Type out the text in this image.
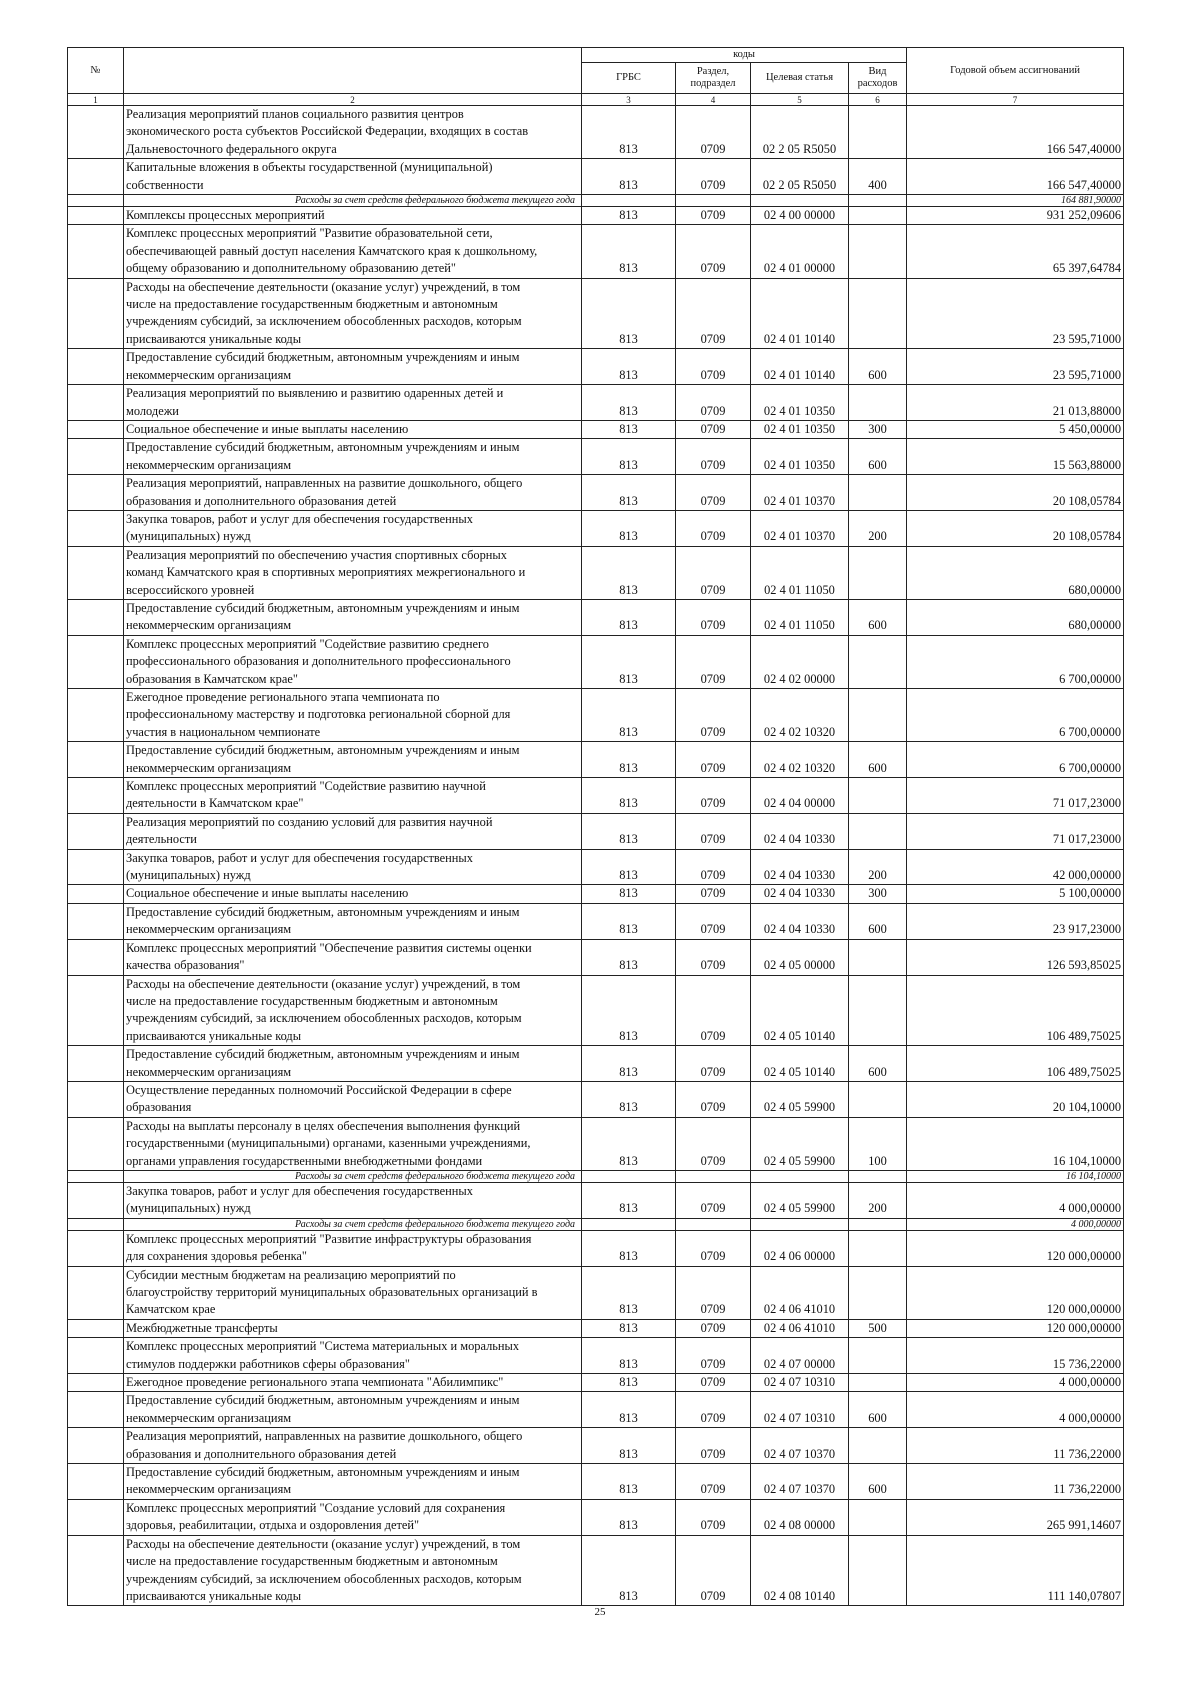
№		коды				Годовой объем ассигнований
		ГРБС	Раздел, подраздел	Целевая статья	Вид расходов	
1	2	3	4	5	6	7
	Реализация мероприятий планов социального развития центров
экономического роста субъектов Российской Федерации, входящих в состав
Дальневосточного федерального округа	813	0709	02 2 05 R5050		166 547,40000
	Капитальные вложения в объекты государственной (муниципальной)
собственности	813	0709	02 2 05 R5050	400	166 547,40000
	Расходы за счет средств федерального бюджета текущего года					164 881,90000
	Комплексы процессных мероприятий	813	0709	02 4 00 00000		931 252,09606
	Комплекс процессных мероприятий "Развитие образовательной сети,
обеспечивающей равный доступ населения Камчатского края к дошкольному,
общему образованию и дополнительному образованию детей"	813	0709	02 4 01 00000		65 397,64784
	Расходы на обеспечение деятельности (оказание услуг) учреждений, в том
числе на предоставление государственным бюджетным и автономным
учреждениям субсидий, за исключением обособленных расходов, которым
присваиваются уникальные коды	813	0709	02 4 01 10140		23 595,71000
	Предоставление субсидий бюджетным, автономным учреждениям и иным
некоммерческим организациям	813	0709	02 4 01 10140	600	23 595,71000
	Реализация мероприятий по выявлению и развитию одаренных детей и
молодежи	813	0709	02 4 01 10350		21 013,88000
	Социальное обеспечение и иные выплаты населению	813	0709	02 4 01 10350	300	5 450,00000
	Предоставление субсидий бюджетным, автономным учреждениям и иным
некоммерческим организациям	813	0709	02 4 01 10350	600	15 563,88000
	Реализация мероприятий, направленных на развитие дошкольного, общего
образования и дополнительного образования детей	813	0709	02 4 01 10370		20 108,05784
	Закупка товаров, работ и услуг для обеспечения государственных
(муниципальных) нужд	813	0709	02 4 01 10370	200	20 108,05784
	Реализация мероприятий по обеспечению участия спортивных сборных
команд Камчатского края в спортивных мероприятиях межрегионального и
всероссийского уровней	813	0709	02 4 01 11050		680,00000
	Предоставление субсидий бюджетным, автономным учреждениям и иным
некоммерческим организациям	813	0709	02 4 01 11050	600	680,00000
	Комплекс процессных мероприятий "Содействие развитию среднего
профессионального образования и дополнительного профессионального
образования в Камчатском крае"	813	0709	02 4 02 00000		6 700,00000
	Ежегодное проведение регионального этапа чемпионата по
профессиональному мастерству и подготовка региональной сборной для
участия в национальном чемпионате	813	0709	02 4 02 10320		6 700,00000
	Предоставление субсидий бюджетным, автономным учреждениям и иным
некоммерческим организациям	813	0709	02 4 02 10320	600	6 700,00000
	Комплекс процессных мероприятий "Содействие развитию научной
деятельности в Камчатском крае"	813	0709	02 4 04 00000		71 017,23000
	Реализация мероприятий по созданию условий для развития научной
деятельности	813	0709	02 4 04 10330		71 017,23000
	Закупка товаров, работ и услуг для обеспечения государственных
(муниципальных) нужд	813	0709	02 4 04 10330	200	42 000,00000
	Социальное обеспечение и иные выплаты населению	813	0709	02 4 04 10330	300	5 100,00000
	Предоставление субсидий бюджетным, автономным учреждениям и иным
некоммерческим организациям	813	0709	02 4 04 10330	600	23 917,23000
	Комплекс процессных мероприятий "Обеспечение развития системы оценки
качества образования"	813	0709	02 4 05 00000		126 593,85025
	Расходы на обеспечение деятельности (оказание услуг) учреждений, в том
числе на предоставление государственным бюджетным и автономным
учреждениям субсидий, за исключением обособленных расходов, которым
присваиваются уникальные коды	813	0709	02 4 05 10140		106 489,75025
	Предоставление субсидий бюджетным, автономным учреждениям и иным
некоммерческим организациям	813	0709	02 4 05 10140	600	106 489,75025
	Осуществление переданных полномочий Российской Федерации в сфере
образования	813	0709	02 4 05 59900		20 104,10000
	Расходы на выплаты персоналу в целях обеспечения выполнения функций
государственными (муниципальными) органами, казенными учреждениями,
органами управления государственными внебюджетными фондами	813	0709	02 4 05 59900	100	16 104,10000
	Расходы за счет средств федерального бюджета текущего года					16 104,10000
	Закупка товаров, работ и услуг для обеспечения государственных
(муниципальных) нужд	813	0709	02 4 05 59900	200	4 000,00000
	Расходы за счет средств федерального бюджета текущего года					4 000,00000
	Комплекс процессных мероприятий "Развитие инфраструктуры образования
для сохранения здоровья ребенка"	813	0709	02 4 06 00000		120 000,00000
	Субсидии местным бюджетам на реализацию мероприятий по
благоустройству территорий муниципальных образовательных организаций в
Камчатском крае	813	0709	02 4 06 41010		120 000,00000
	Межбюджетные трансферты	813	0709	02 4 06 41010	500	120 000,00000
	Комплекс процессных мероприятий "Система материальных и моральных
стимулов поддержки работников сферы образования"	813	0709	02 4 07 00000		15 736,22000
	Ежегодное проведение регионального этапа чемпионата "Абилимпикс"	813	0709	02 4 07 10310		4 000,00000
	Предоставление субсидий бюджетным, автономным учреждениям и иным
некоммерческим организациям	813	0709	02 4 07 10310	600	4 000,00000
	Реализация мероприятий, направленных на развитие дошкольного, общего
образования и дополнительного образования детей	813	0709	02 4 07 10370		11 736,22000
	Предоставление субсидий бюджетным, автономным учреждениям и иным
некоммерческим организациям	813	0709	02 4 07 10370	600	11 736,22000
	Комплекс процессных мероприятий "Создание условий для сохранения
здоровья, реабилитации, отдыха и оздоровления детей"	813	0709	02 4 08 00000		265 991,14607
	Расходы на обеспечение деятельности (оказание услуг) учреждений, в том
числе на предоставление государственным бюджетным и автономным
учреждениям субсидий, за исключением обособленных расходов, которым
присваиваются уникальные коды	813	0709	02 4 08 10140		111 140,07807
25
